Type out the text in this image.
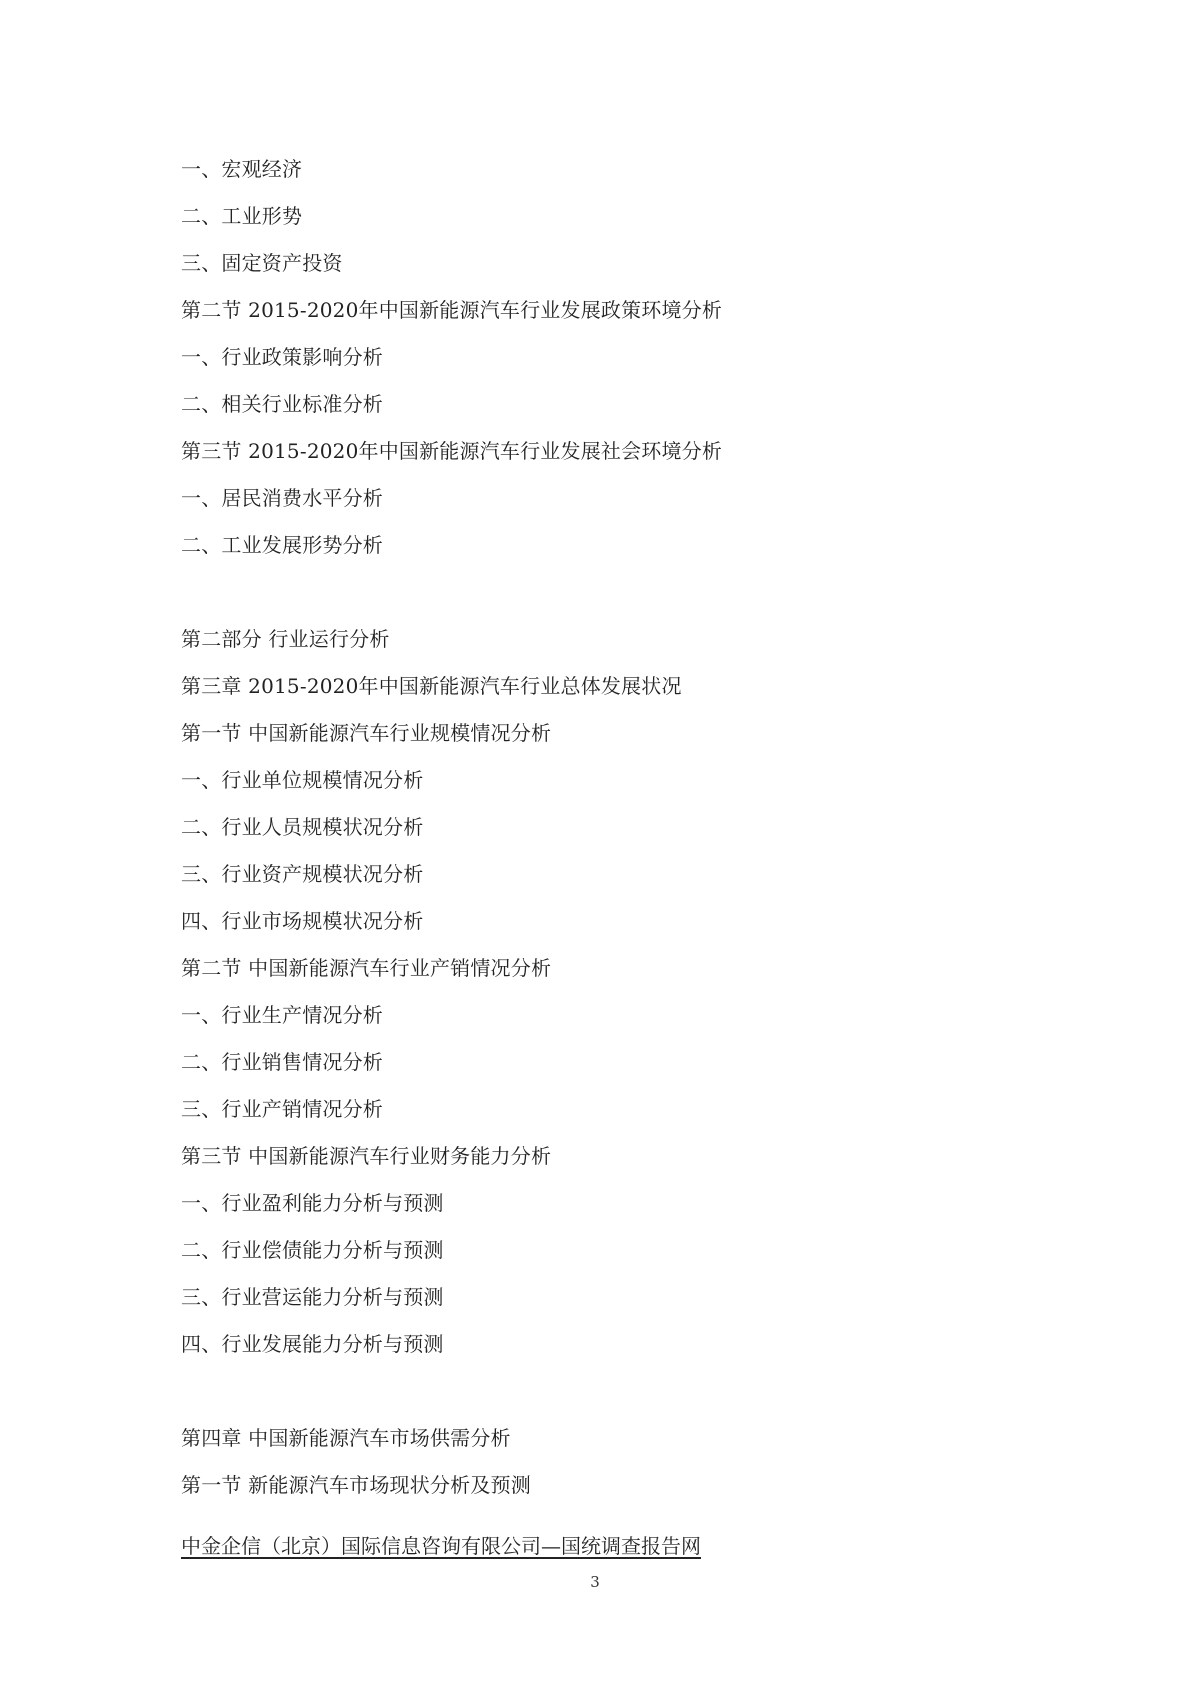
一、宏观经济
二、工业形势
三、固定资产投资
第二节 2015-2020年中国新能源汽车行业发展政策环境分析
一、行业政策影响分析
二、相关行业标准分析
第三节 2015-2020年中国新能源汽车行业发展社会环境分析
一、居民消费水平分析
二、工业发展形势分析
第二部分 行业运行分析
第三章 2015-2020年中国新能源汽车行业总体发展状况
第一节 中国新能源汽车行业规模情况分析
一、行业单位规模情况分析
二、行业人员规模状况分析
三、行业资产规模状况分析
四、行业市场规模状况分析
第二节 中国新能源汽车行业产销情况分析
一、行业生产情况分析
二、行业销售情况分析
三、行业产销情况分析
第三节 中国新能源汽车行业财务能力分析
一、行业盈利能力分析与预测
二、行业偿债能力分析与预测
三、行业营运能力分析与预测
四、行业发展能力分析与预测
第四章 中国新能源汽车市场供需分析
第一节 新能源汽车市场现状分析及预测
中金企信（北京）国际信息咨询有限公司—国统调查报告网
3
